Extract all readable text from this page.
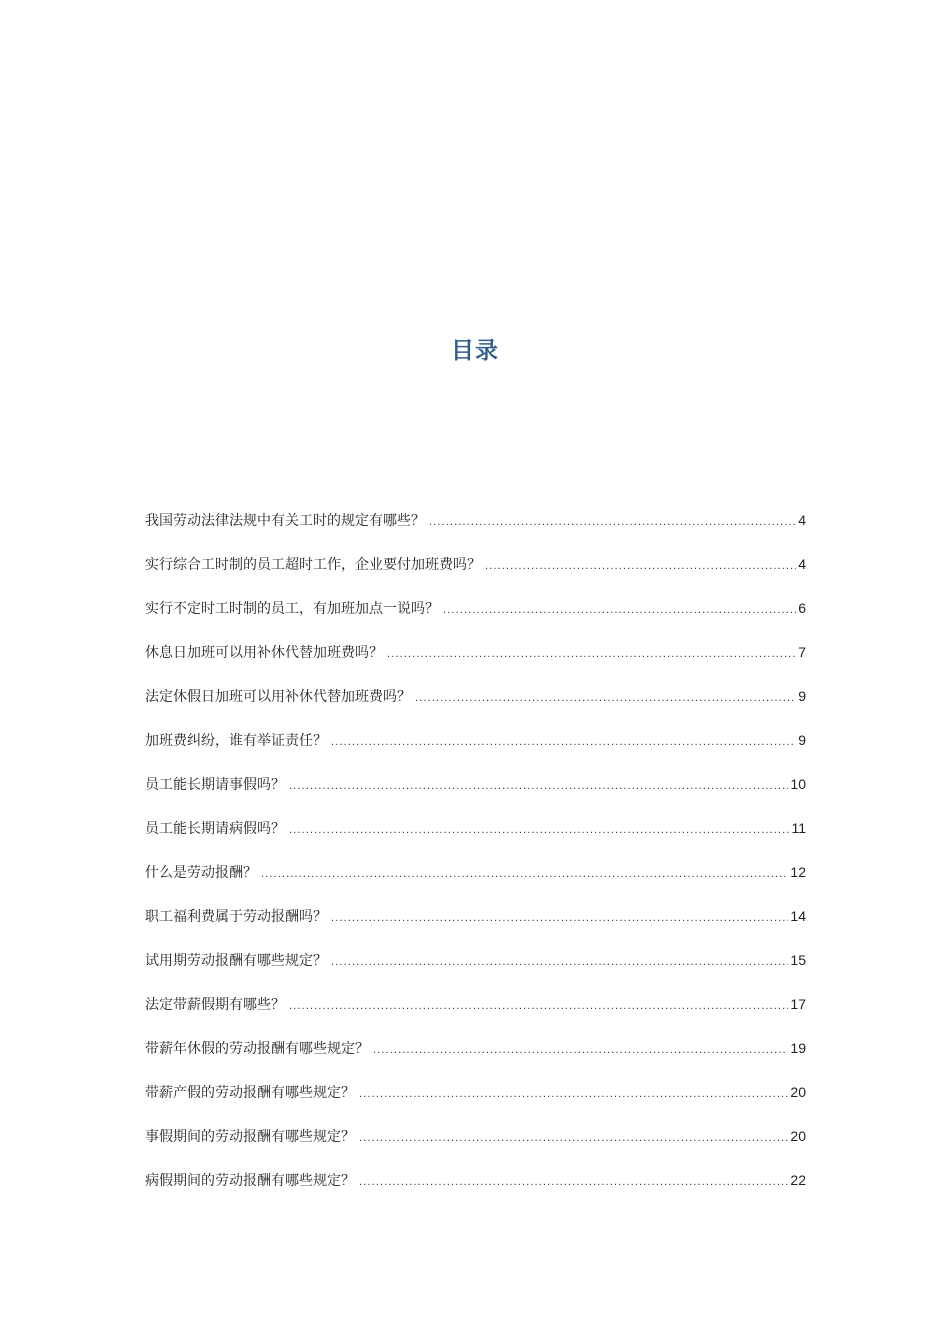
目录
我国劳动法律法规中有关工时的规定有哪些？ .....	4
实行综合工时制的员工超时工作，企业要付加班费吗？ .....	4
实行不定时工时制的员工，有加班加点一说吗？ .....	6
休息日加班可以用补休代替加班费吗？ .....	7
法定休假日加班可以用补休代替加班费吗？ .....	9
加班费纠纷，谁有举证责任？ .....	9
员工能长期请事假吗？ .....	10
员工能长期请病假吗？ .....	11
什么是劳动报酬？ .....	12
职工福利费属于劳动报酬吗？ .....	14
试用期劳动报酬有哪些规定？ .....	15
法定带薪假期有哪些？ .....	17
带薪年休假的劳动报酬有哪些规定？ .....	19
带薪产假的劳动报酬有哪些规定？ .....	20
事假期间的劳动报酬有哪些规定？ .....	20
病假期间的劳动报酬有哪些规定？ .....	22
